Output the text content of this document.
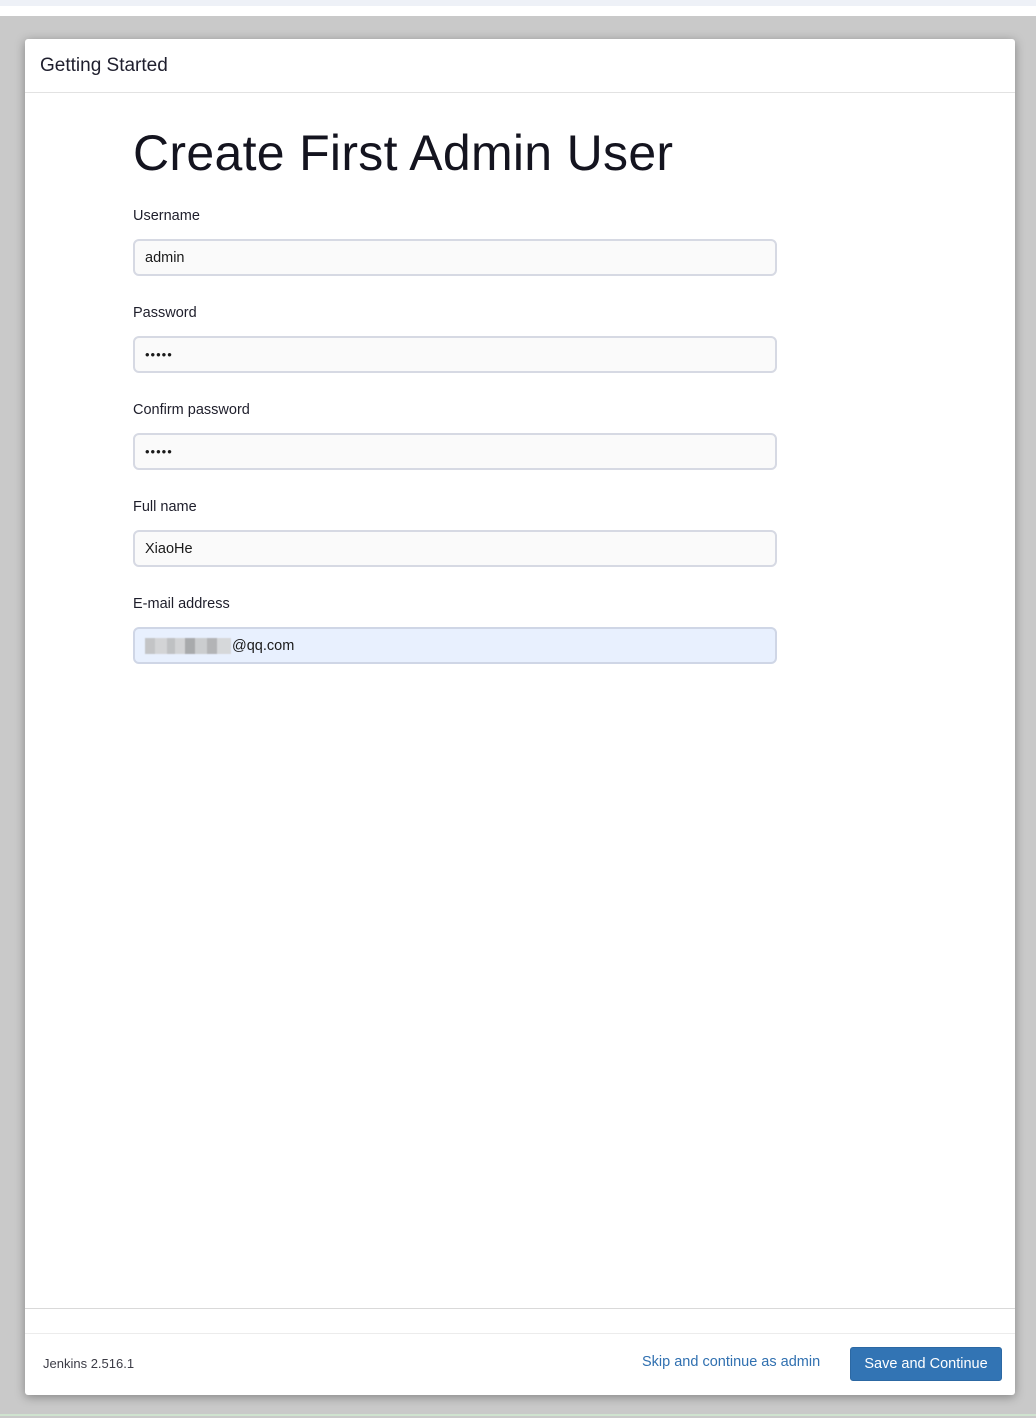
Getting Started
Create First Admin User
Username
admin
Password
•••••
Confirm password
•••••
Full name
XiaoHe
E-mail address
@qq.com
Jenkins 2.516.1	Skip and continue as admin	Save and Continue
